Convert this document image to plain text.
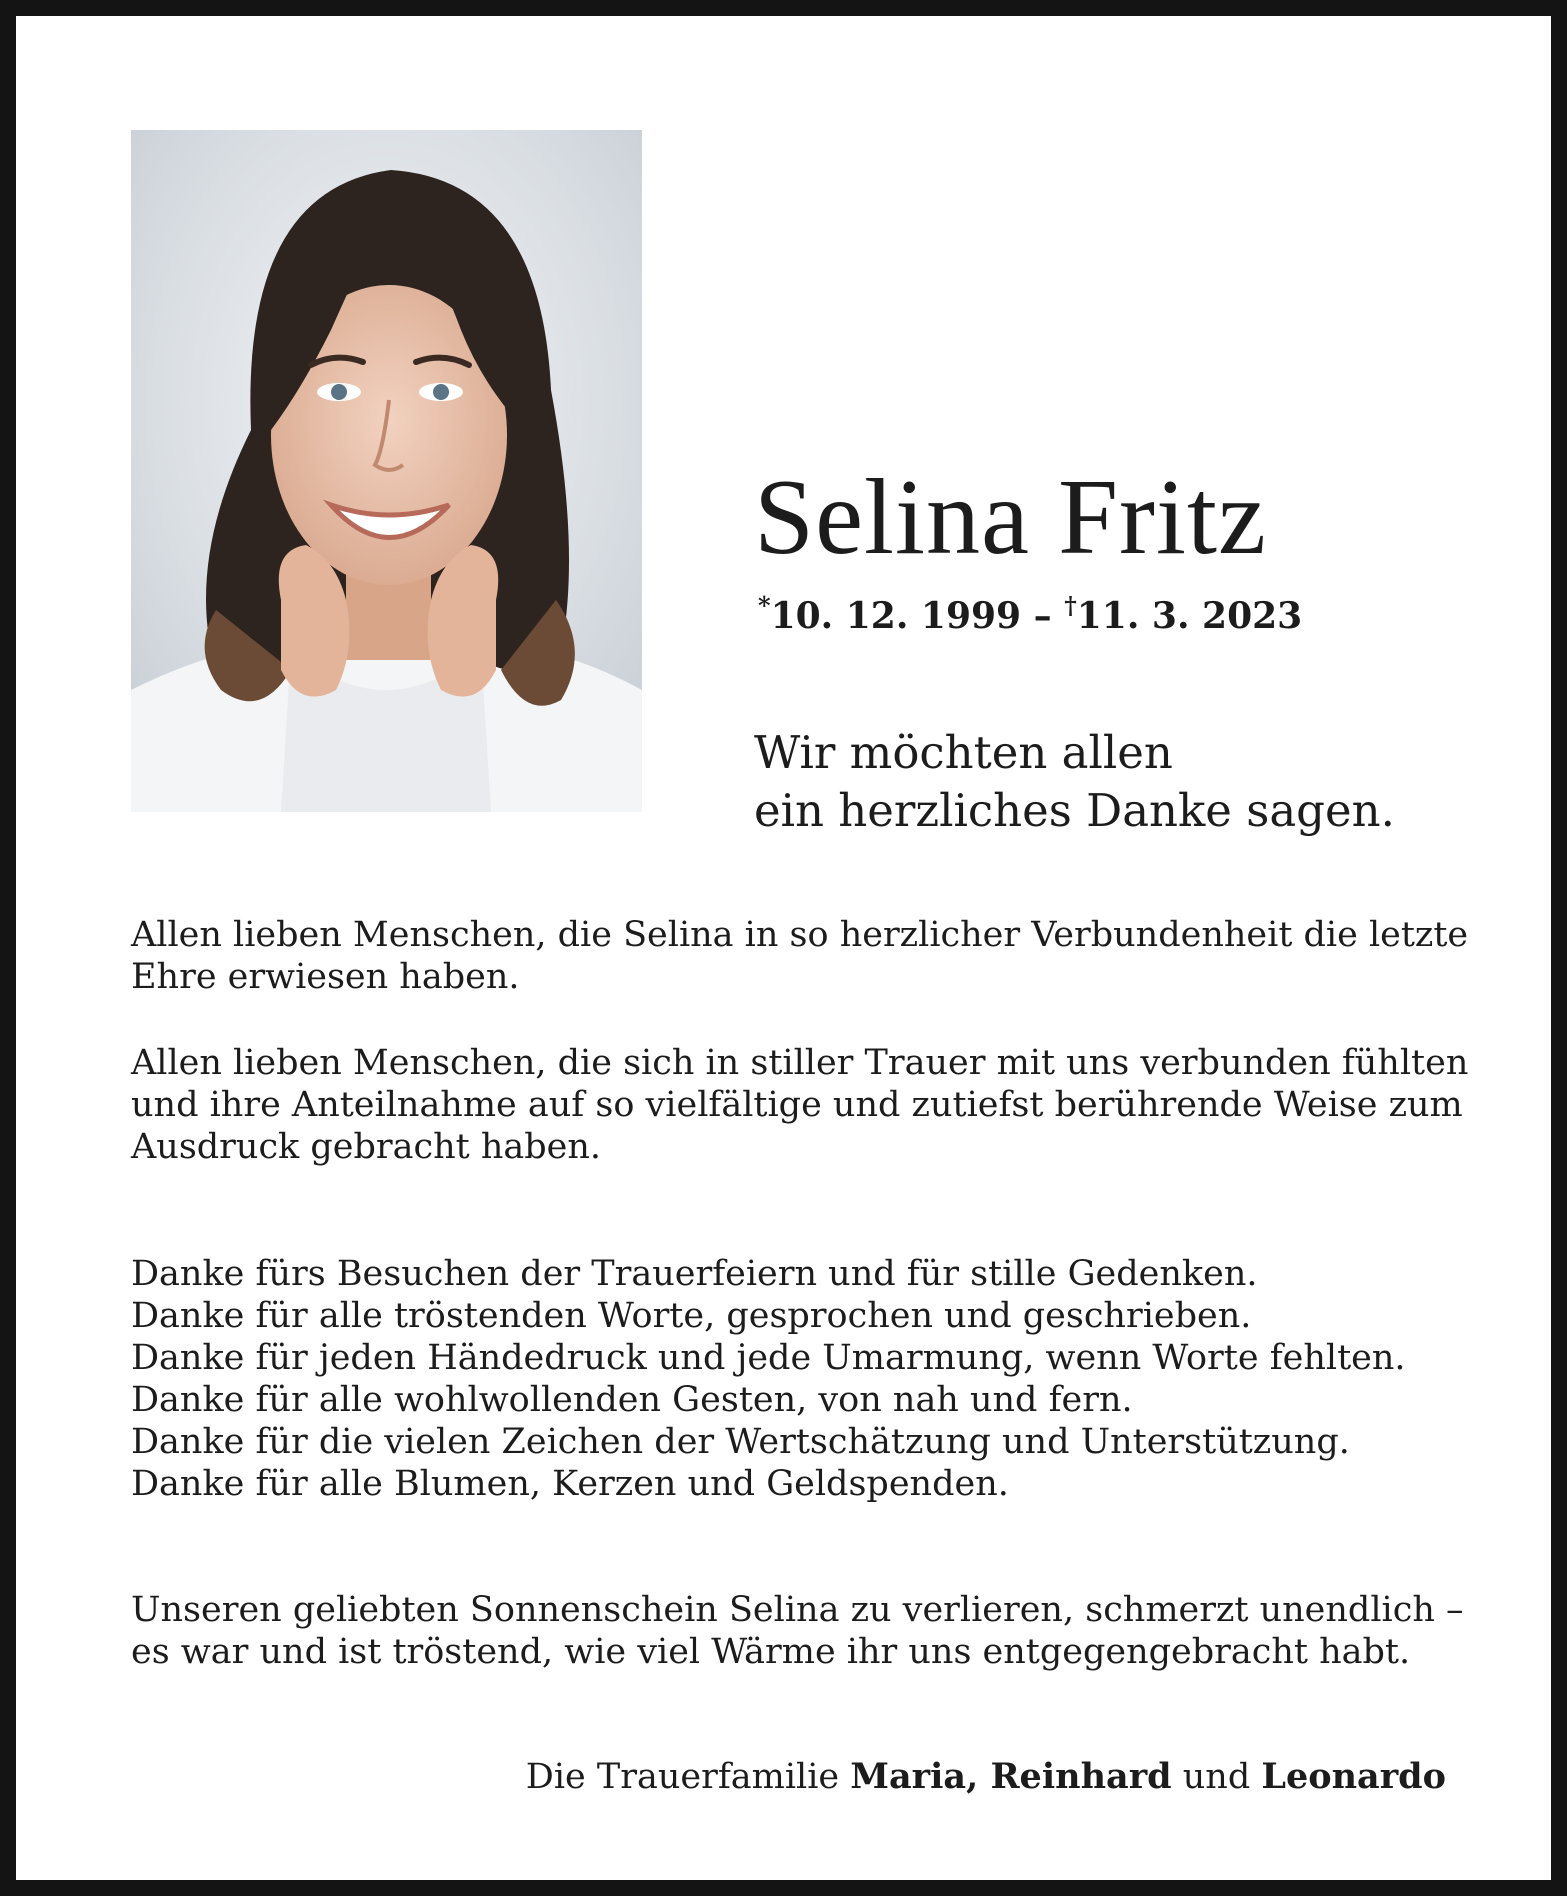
Selina Fritz
*10. 12. 1999 – †11. 3. 2023
Wir möchten allen
ein herzliches Danke sagen.
Allen lieben Menschen, die Selina in so herzlicher Verbundenheit die letzte
Ehre erwiesen haben.
Allen lieben Menschen, die sich in stiller Trauer mit uns verbunden fühlten
und ihre Anteilnahme auf so vielfältige und zutiefst berührende Weise zum
Ausdruck gebracht haben.
Danke fürs Besuchen der Trauerfeiern und für stille Gedenken.
Danke für alle tröstenden Worte, gesprochen und geschrieben.
Danke für jeden Händedruck und jede Umarmung, wenn Worte fehlten.
Danke für alle wohlwollenden Gesten, von nah und fern.
Danke für die vielen Zeichen der Wertschätzung und Unterstützung.
Danke für alle Blumen, Kerzen und Geldspenden.
Unseren geliebten Sonnenschein Selina zu verlieren, schmerzt unendlich –
es war und ist tröstend, wie viel Wärme ihr uns entgegengebracht habt.
Die Trauerfamilie Maria, Reinhard und Leonardo
